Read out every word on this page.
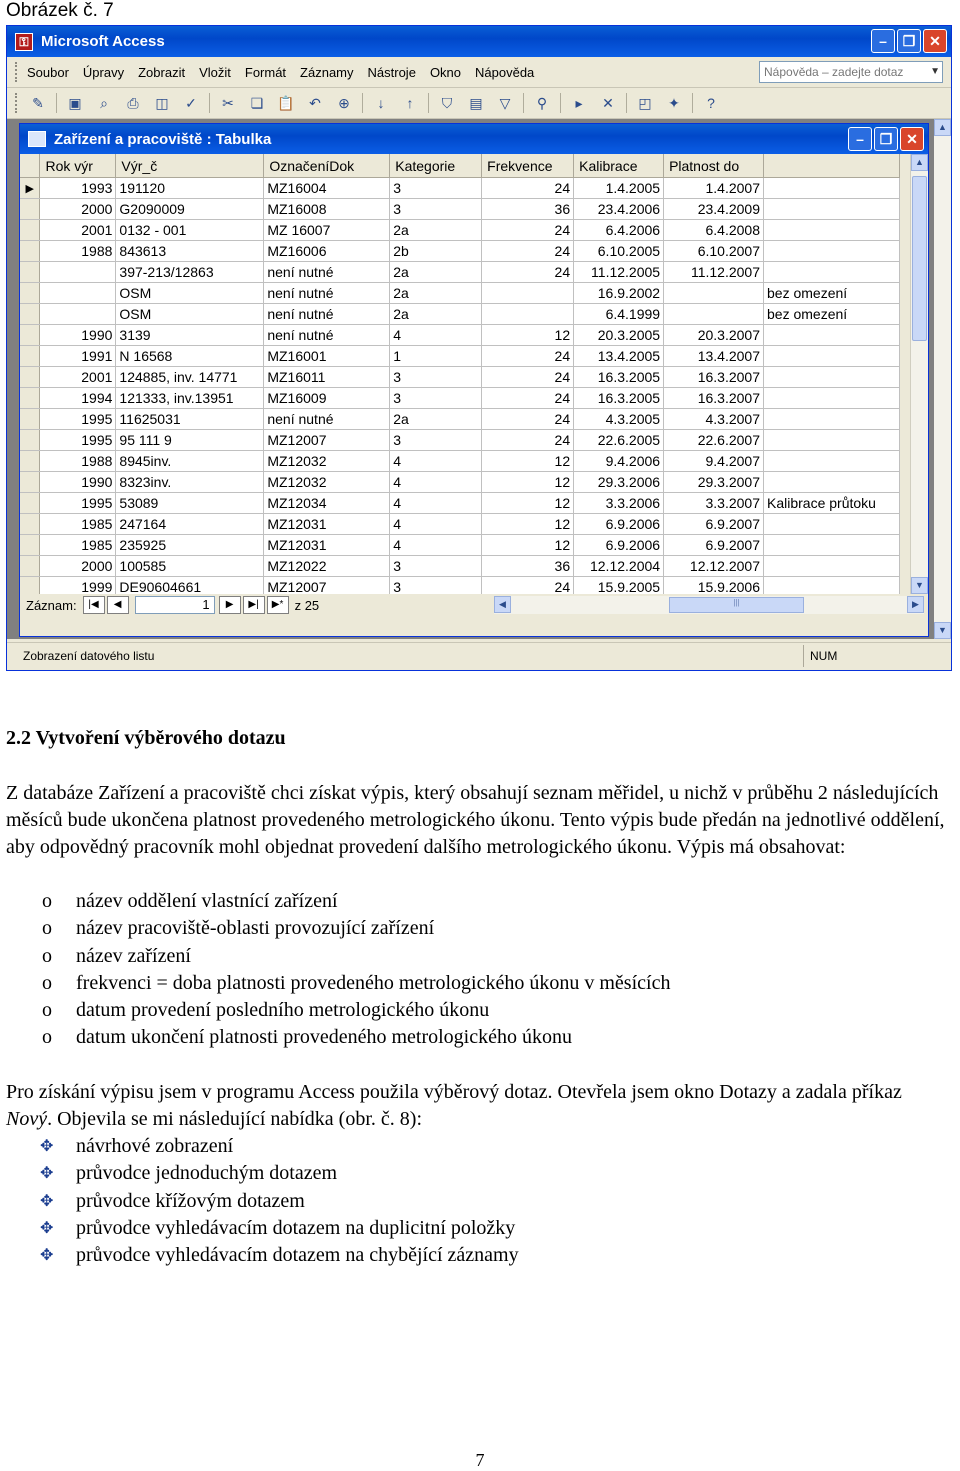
Obrázek č. 7
⚿ Microsoft Access	–	❐ ✕
Soubor Úpravy Zobrazit Vložit Formát Záznamy Nástroje Okno Nápověda	Nápověda – zadejte dotaz	▼
✎	▣	⌕	⎙	◫	✓	✂	❏	📋	↶	⊕	↓	↑	⛉	▤	▽	⚲	▸	✕	◰	✦	?
Zařízení a pracoviště : Tabulka	–	❐ ✕
	Rok výr	Výr_č	OznačeníDok	Kategorie	Frekvence	Kalibrace	Platnost do	
▶	1993	191120	MZ16004	3	24	1.4.2005	1.4.2007	
	2000	G2090009	MZ16008	3	36	23.4.2006	23.4.2009	
	2001	0132 - 001	MZ 16007	2a	24	6.4.2006	6.4.2008	
	1988	843613	MZ16006	2b	24	6.10.2005	6.10.2007	
		397-213/12863	není nutné	2a	24	11.12.2005	11.12.2007	
		OSM	není nutné	2a		16.9.2002		bez omezení
		OSM	není nutné	2a		6.4.1999		bez omezení
	1990	3139	není nutné	4	12	20.3.2005	20.3.2007	
	1991	N 16568	MZ16001	1	24	13.4.2005	13.4.2007	
	2001	124885, inv. 14771	MZ16011	3	24	16.3.2005	16.3.2007	
	1994	121333, inv.13951	MZ16009	3	24	16.3.2005	16.3.2007	
	1995	11625031	není nutné	2a	24	4.3.2005	4.3.2007	
	1995	95 111 9	MZ12007	3	24	22.6.2005	22.6.2007	
	1988	8945inv.	MZ12032	4	12	9.4.2006	9.4.2007	
	1990	8323inv.	MZ12032	4	12	29.3.2006	29.3.2007	
	1995	53089	MZ12034	4	12	3.3.2006	3.3.2007	Kalibrace průtoku
	1985	247164	MZ12031	4	12	6.9.2006	6.9.2007	
	1985	235925	MZ12031	4	12	6.9.2006	6.9.2007	
	2000	100585	MZ12022	3	36	12.12.2004	12.12.2007	
	1999	DE90604661	MZ12007	3	24	15.9.2005	15.9.2006	

▲
▼
Záznam:	|◀	◀	1	▶	▶|	▶* z 25	◀	|||	▶
▲
▼
Zobrazení datového listu	NUM
2.2 Vytvoření výběrového dotazu
Z databáze Zařízení a pracoviště chci získat výpis, který obsahují seznam měřidel, u nichž v průběhu 2 následujících měsíců bude ukončena platnost provedeného metrologického úkonu. Tento výpis bude předán na jednotlivé oddělení, aby odpovědný pracovník mohl objednat provedení dalšího metrologického úkonu. Výpis má obsahovat:
o	název oddělení vlastnící zařízení
o	název pracoviště-oblasti provozující zařízení
o	název zařízení
o	frekvenci = doba platnosti provedeného metrologického úkonu v měsících
o	datum provedení posledního metrologického úkonu
o	datum ukončení platnosti provedeného metrologického úkonu
Pro získání výpisu jsem v programu Access použila výběrový dotaz. Otevřela jsem okno Dotazy a zadala příkaz Nový. Objevila se mi následující nabídka (obr. č. 8):
✥	návrhové zobrazení
✥	průvodce jednoduchým dotazem
✥	průvodce křížovým dotazem
✥	průvodce vyhledávacím dotazem na duplicitní položky
✥	průvodce vyhledávacím dotazem na chybějící záznamy
7
